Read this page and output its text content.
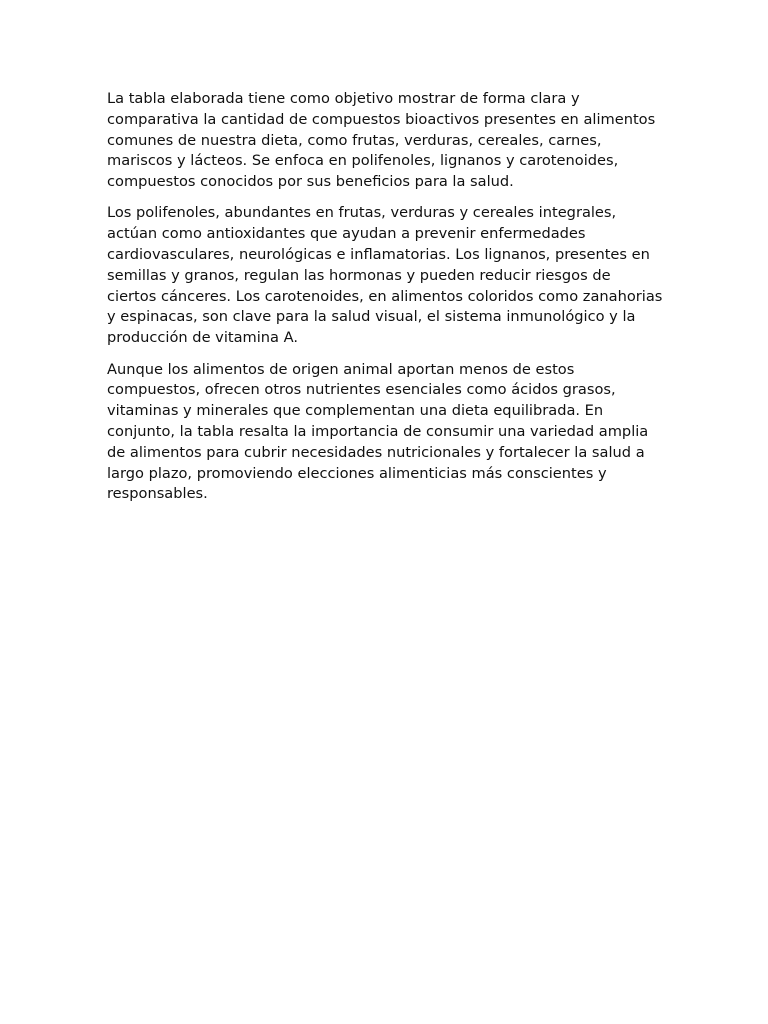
La tabla elaborada tiene como objetivo mostrar de forma clara y comparativa la cantidad de compuestos bioactivos presentes en alimentos comunes de nuestra dieta, como frutas, verduras, cereales, carnes, mariscos y lácteos. Se enfoca en polifenoles, lignanos y carotenoides, compuestos conocidos por sus beneficios para la salud.

Los polifenoles, abundantes en frutas, verduras y cereales integrales, actúan como antioxidantes que ayudan a prevenir enfermedades cardiovasculares, neurológicas e inflamatorias. Los lignanos, presentes en semillas y granos, regulan las hormonas y pueden reducir riesgos de ciertos cánceres. Los carotenoides, en alimentos coloridos como zanahorias y espinacas, son clave para la salud visual, el sistema inmunológico y la producción de vitamina A.

Aunque los alimentos de origen animal aportan menos de estos compuestos, ofrecen otros nutrientes esenciales como ácidos grasos, vitaminas y minerales que complementan una dieta equilibrada. En conjunto, la tabla resalta la importancia de consumir una variedad amplia de alimentos para cubrir necesidades nutricionales y fortalecer la salud a largo plazo, promoviendo elecciones alimenticias más conscientes y responsables.
